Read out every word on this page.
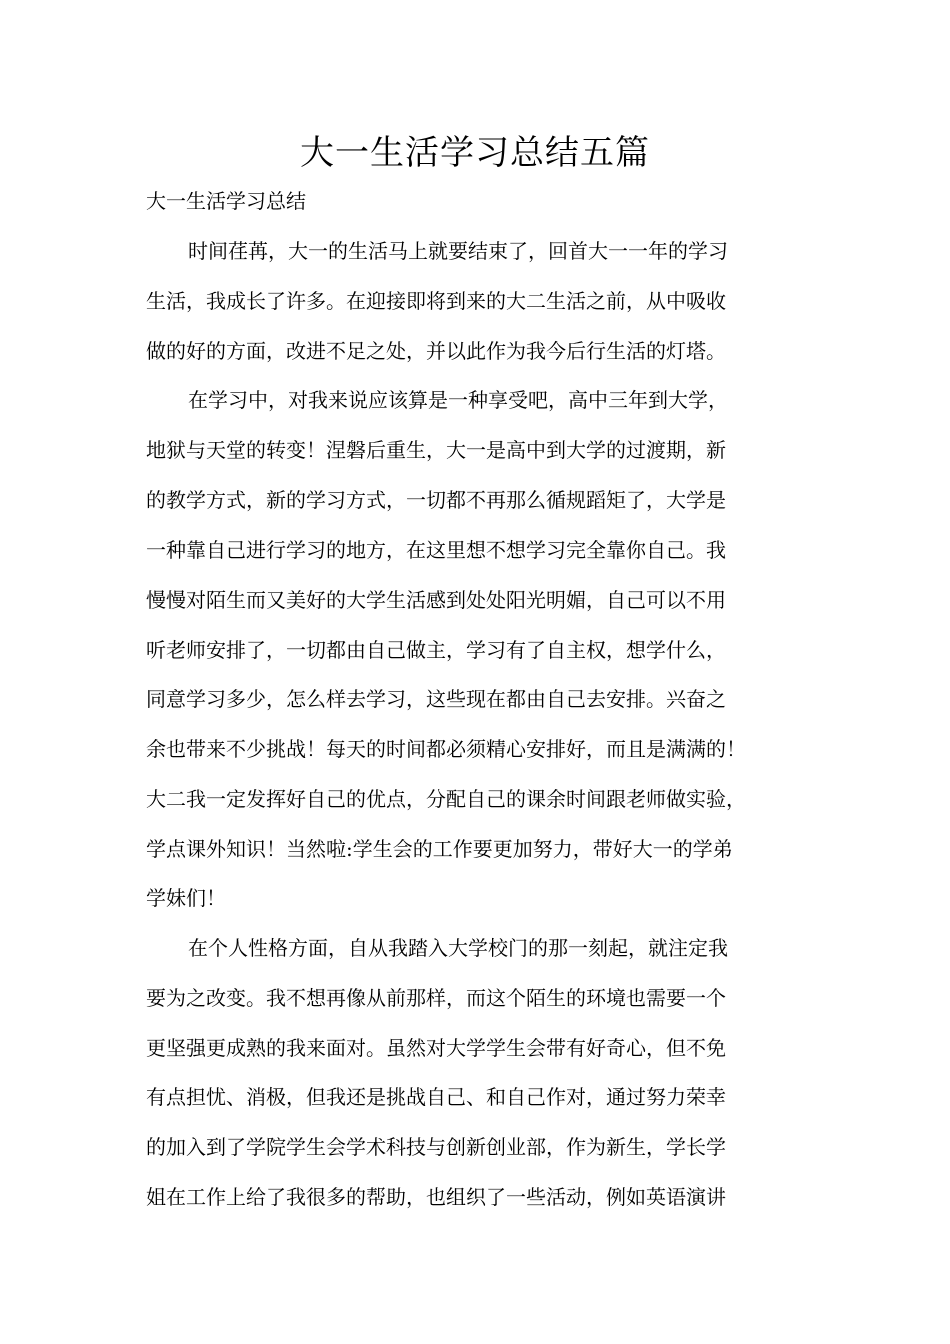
大一生活学习总结五篇

大一生活学习总结

时间荏苒，大一的生活马上就要结束了，回首大一一年的学习

生活，我成长了许多。在迎接即将到来的大二生活之前，从中吸收

做的好的方面，改进不足之处，并以此作为我今后行生活的灯塔。

在学习中，对我来说应该算是一种享受吧，高中三年到大学，

地狱与天堂的转变！涅磐后重生，大一是高中到大学的过渡期，新

的教学方式，新的学习方式，一切都不再那么循规蹈矩了，大学是

一种靠自己进行学习的地方，在这里想不想学习完全靠你自己。我

慢慢对陌生而又美好的大学生活感到处处阳光明媚，自己可以不用

听老师安排了，一切都由自己做主，学习有了自主权，想学什么，

同意学习多少，怎么样去学习，这些现在都由自己去安排。兴奋之

余也带来不少挑战！每天的时间都必须精心安排好，而且是满满的！

大二我一定发挥好自己的优点，分配自己的课余时间跟老师做实验，

学点课外知识！当然啦:学生会的工作要更加努力，带好大一的学弟

学妹们！

在个人性格方面，自从我踏入大学校门的那一刻起，就注定我

要为之改变。我不想再像从前那样，而这个陌生的环境也需要一个

更坚强更成熟的我来面对。虽然对大学学生会带有好奇心，但不免

有点担忧、消极，但我还是挑战自己、和自己作对，通过努力荣幸

的加入到了学院学生会学术科技与创新创业部，作为新生，学长学

姐在工作上给了我很多的帮助，也组织了一些活动，例如英语演讲
